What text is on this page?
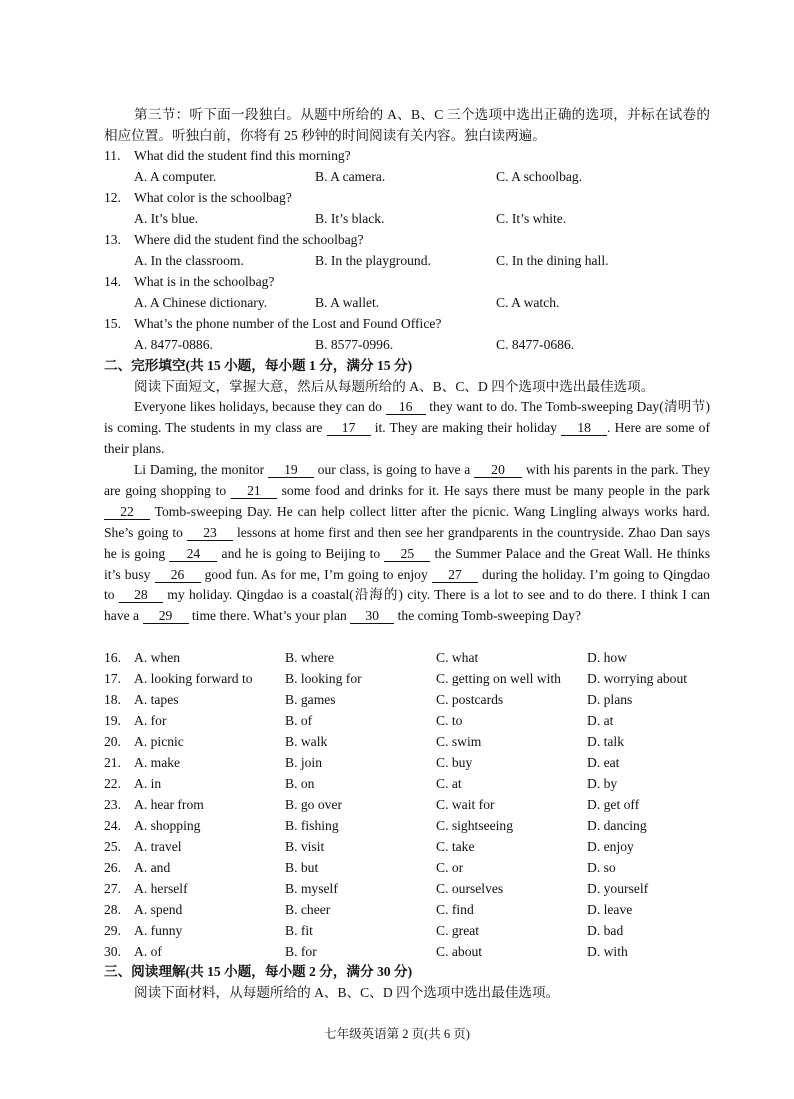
第三节：听下面一段独白。从题中所给的 A、B、C 三个选项中选出正确的选项，并标在试卷的相应位置。听独白前，你将有 25 秒钟的时间阅读有关内容。独白读两遍。
11. What did the student find this morning?
A. A computer.	B. A camera.	C. A schoolbag.
12. What color is the schoolbag?
A. It’s blue.	B. It’s black.	C. It’s white.
13. Where did the student find the schoolbag?
A. In the classroom.	B. In the playground.	C. In the dining hall.
14. What is in the schoolbag?
A. A Chinese dictionary.	B. A wallet.	C. A watch.
15. What’s the phone number of the Lost and Found Office?
A. 8477-0886.	B. 8577-0996.	C. 8477-0686.
二、完形填空(共 15 小题，每小题 1 分，满分 15 分)
阅读下面短文，掌握大意，然后从每题所给的 A、B、C、D 四个选项中选出最佳选项。
Everyone likes holidays, because they can do 16 they want to do. The Tomb-sweeping Day(清明节) is coming. The students in my class are 17 it. They are making their holiday 18 . Here are some of their plans.
Li Daming, the monitor 19 our class, is going to have a 20 with his parents in the park. They are going shopping to 21 some food and drinks for it. He says there must be many people in the park 22 Tomb-sweeping Day. He can help collect litter after the picnic. Wang Lingling always works hard. She’s going to 23 lessons at home first and then see her grandparents in the countryside. Zhao Dan says he is going 24 and he is going to Beijing to 25 the Summer Palace and the Great Wall. He thinks it’s busy 26 good fun. As for me, I’m going to enjoy 27 during the holiday. I’m going to Qingdao to 28 my holiday. Qingdao is a coastal(沿海的) city. There is a lot to see and to do there. I think I can have a 29 time there. What’s your plan 30 the coming Tomb-sweeping Day?
16. A. when	B. where	C. what	D. how
17. A. looking forward to B. looking for	C. getting on well with D. worrying about
18. A. tapes	B. games	C. postcards	D. plans
19. A. for	B. of	C. to	D. at
20. A. picnic	B. walk	C. swim	D. talk
21. A. make	B. join	C. buy	D. eat
22. A. in	B. on	C. at	D. by
23. A. hear from	B. go over	C. wait for	D. get off
24. A. shopping	B. fishing	C. sightseeing	D. dancing
25. A. travel	B. visit	C. take	D. enjoy
26. A. and	B. but	C. or	D. so
27. A. herself	B. myself	C. ourselves	D. yourself
28. A. spend	B. cheer	C. find	D. leave
29. A. funny	B. fit	C. great	D. bad
30. A. of	B. for	C. about	D. with
三、阅读理解(共 15 小题，每小题 2 分，满分 30 分)
阅读下面材料，从每题所给的 A、B、C、D 四个选项中选出最佳选项。
七年级英语第 2 页(共 6 页)
